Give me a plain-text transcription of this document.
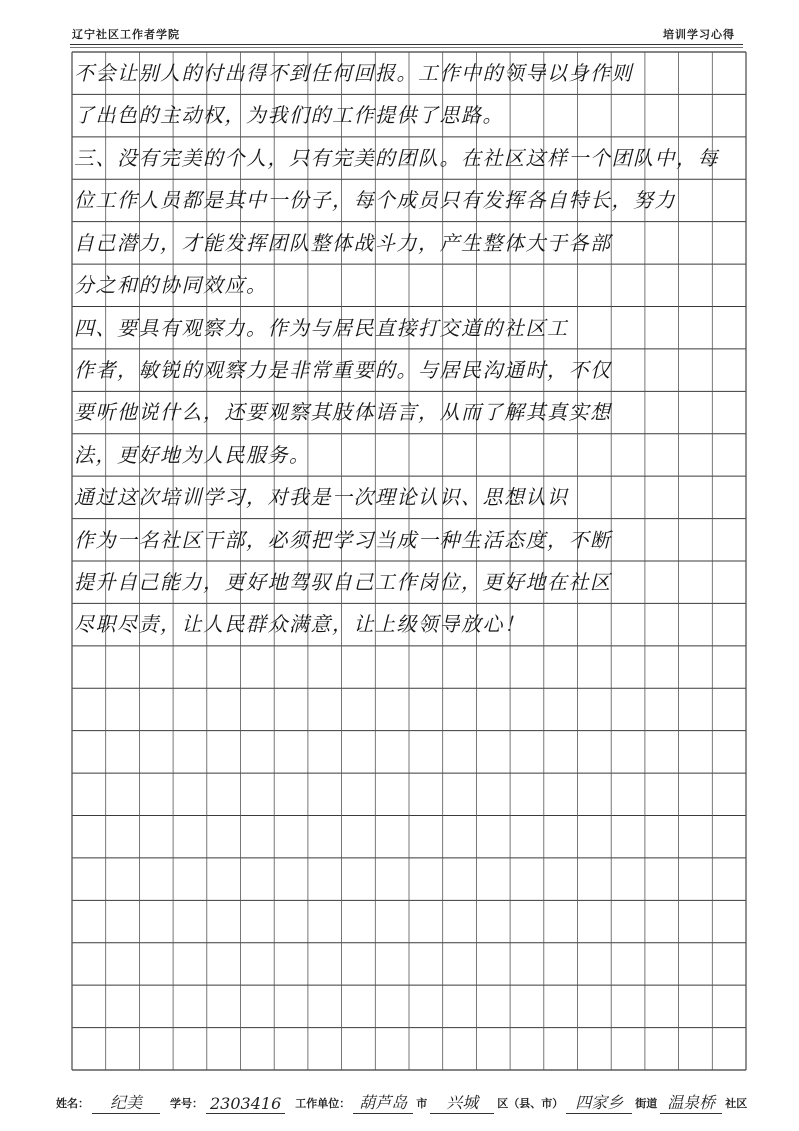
辽宁社区工作者学院	培训学习心得
不会让别人的付出得不到任何回报。工作中的领导以身作则
了出色的主动权，为我们的工作提供了思路。
三、没有完美的个人，只有完美的团队。在社区这样一个团队中，每
位工作人员都是其中一份子，每个成员只有发挥各自特长，努力
自己潜力，才能发挥团队整体战斗力，产生整体大于各部
分之和的协同效应。
四、要具有观察力。作为与居民直接打交道的社区工
作者，敏锐的观察力是非常重要的。与居民沟通时，不仅
要听他说什么，还要观察其肢体语言，从而了解其真实想
法，更好地为人民服务。
通过这次培训学习，对我是一次理论认识、思想认识
作为一名社区干部，必须把学习当成一种生活态度，不断
提升自己能力，更好地驾驭自己工作岗位，更好地在社区
尽职尽责，让人民群众满意，让上级领导放心！
姓名：	纪美	学号： 2303416	工作单位： 葫芦岛 市	兴城	区（县、市） 四家乡	街道 温泉桥 社区
